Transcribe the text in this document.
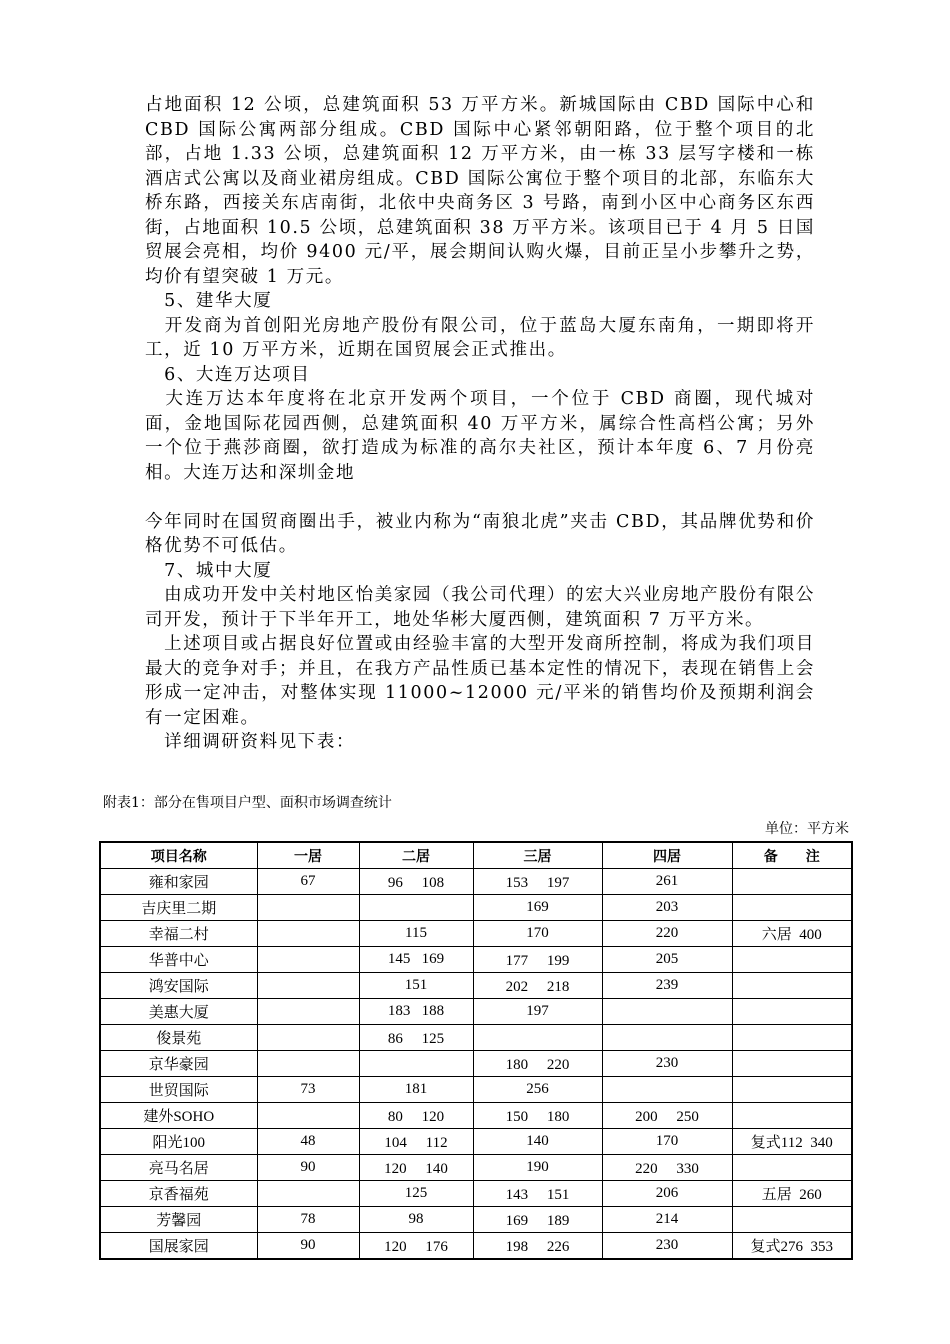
占地面积 12 公顷，总建筑面积 53 万平方米。新城国际由 CBD 国际中心和 CBD 国际公寓两部分组成。CBD 国际中心紧邻朝阳路，位于整个项目的北部，占地 1.33 公顷，总建筑面积 12 万平方米，由一栋 33 层写字楼和一栋酒店式公寓以及商业裙房组成。CBD 国际公寓位于整个项目的北部，东临东大桥东路，西接关东店南街，北依中央商务区 3 号路，南到小区中心商务区东西街，占地面积 10.5 公顷，总建筑面积 38 万平方米。该项目已于 4 月 5 日国贸展会亮相，均价 9400 元/平，展会期间认购火爆，目前正呈小步攀升之势，均价有望突破 1 万元。

　5、建华大厦

　开发商为首创阳光房地产股份有限公司，位于蓝岛大厦东南角，一期即将开工，近 10 万平方米，近期在国贸展会正式推出。

　6、大连万达项目

　大连万达本年度将在北京开发两个项目，一个位于 CBD 商圈，现代城对面，金地国际花园西侧，总建筑面积 40 万平方米，属综合性高档公寓；另外一个位于燕莎商圈，欲打造成为标准的高尔夫社区，预计本年度 6、7 月份亮相。大连万达和深圳金地

今年同时在国贸商圈出手，被业内称为“南狼北虎”夹击 CBD，其品牌优势和价格优势不可低估。

　7、城中大厦

　由成功开发中关村地区怡美家园（我公司代理）的宏大兴业房地产股份有限公司开发，预计于下半年开工，地处华彬大厦西侧，建筑面积 7 万平方米。

　上述项目或占据良好位置或由经验丰富的大型开发商所控制，将成为我们项目最大的竞争对手；并且，在我方产品性质已基本定性的情况下，表现在销售上会形成一定冲击，对整体实现 11000~12000 元/平米的销售均价及预期利润会有一定困难。

　详细调研资料见下表：

附表1：部分在售项目户型、面积市场调查统计
单位：平方米
项目名称	一居	二居	三居	四居	备　　注
雍和家园	67	96　 108	153　 197	261	
吉庆里二期			169	203	
幸福二村		115	170	220	六居  400
华普中心		145   169	177　 199	205	
鸿安国际		151	202　 218	239	
美惠大厦		183   188	197		
俊景苑		86　 125			
京华豪园			180　 220	230	
世贸国际	73	181	256		
建外SOHO		80　 120	150　 180	200　 250	
阳光100	48	104　 112	140	170	复式112  340
亮马名居	90	120　 140	190	220　 330	
京香福苑		125	143　 151	206	五居  260
芳馨园	78	98	169　 189	214	
国展家园	90	120　 176	198　 226	230	复式276  353
